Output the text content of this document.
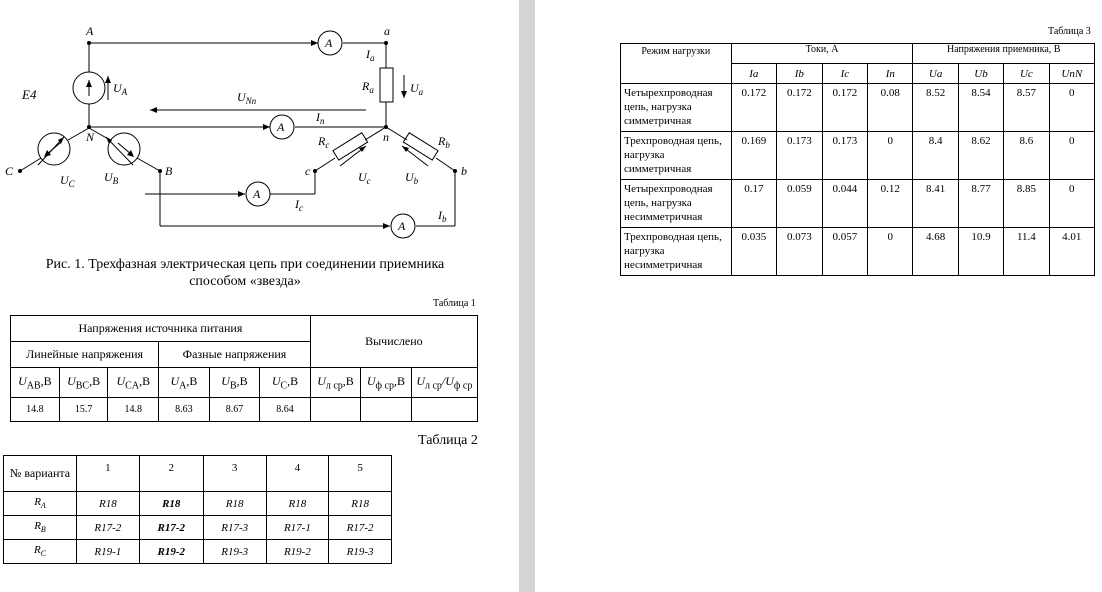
A
A
A
A
A	a
E4	$U_A$
$I_a$
$R_a$	$U_a$
$U_{Nn}$
$I_n$
N	n
$R_c$	$R_b$
C
$U_C$ $U_B$
B	c	$U_c$	$U_b$
b
$I_c$	$I_b$
Рис. 1. Трехфазная электрическая цепь при соединении приемника
способом «звезда»
Таблица 1
Напряжения источника питания						Вычислено		
Линейные напряжения			Фазные напряжения					
$U_{AB},В$	$U_{BC},В$	$U_{CA},В$	$U_A,В$	$U_B,В$	$U_C,В$	$U_{л ср},В$	$U_{ф ср},В$	$U_{л ср}/U_{ф ср}$
14.8	15.7	14.8	8.63	8.67	8.64			
Таблица 2
№ варианта	1	2	3	4	5
$R_A$	R18	R18	R18	R18	R18
$R_B$	R17-2	R17-2	R17-3	R17-1	R17-2
$R_C$	R19-1	R19-2	R19-3	R19-2	R19-3
Таблица 3
Режим нагрузки	Токи, А				Напряжения приемника, В			
	Ia	Ib	Ic	In	Ua	Ub	Uc	UnN
Четырехпроводная цепь, нагрузка симметричная	0.172	0.172	0.172	0.08	8.52	8.54	8.57	0
Трехпроводная цепь, нагрузка симметричная	0.169	0.173	0.173	0	8.4	8.62	8.6	0
Четырехпроводная цепь, нагрузка несимметричная	0.17	0.059	0.044	0.12	8.41	8.77	8.85	0
Трехпроводная цепь, нагрузка несимметричная	0.035	0.073	0.057	0	4.68	10.9	11.4	4.01
